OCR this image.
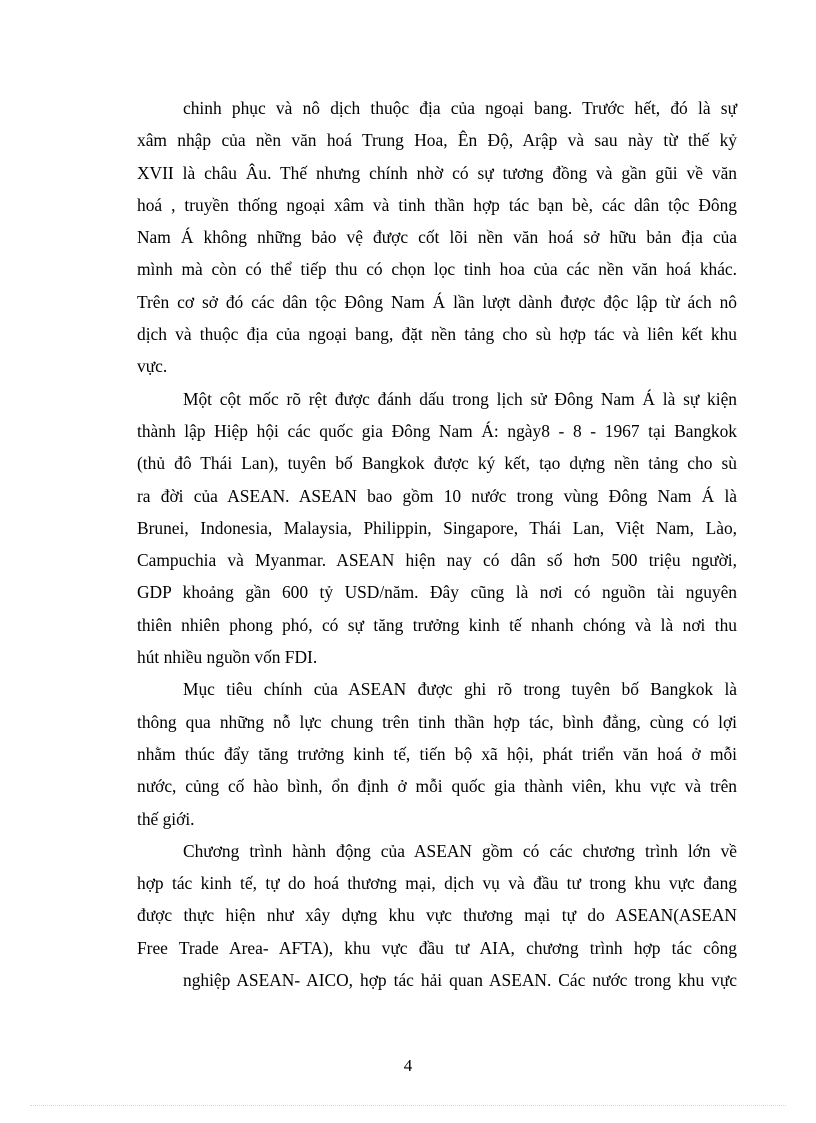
chinh phục và nô dịch thuộc địa của ngoại bang. Trước hết, đó là sự
xâm nhập của nền văn hoá Trung Hoa, Ên Độ, Arập và sau này từ thế kỷ
XVII là châu Âu. Thế nhưng chính nhờ có sự tương đồng và gần gũi về văn
hoá , truyền thống ngoại xâm và tinh thần hợp tác bạn bè, các dân tộc Đông
Nam Á không những bảo vệ được cốt lõi nền văn hoá sở hữu bản địa của
mình mà còn có thể tiếp thu có chọn lọc tinh hoa của các nền văn hoá khác.
Trên cơ sở đó các dân tộc Đông Nam Á lần lượt dành được độc lập từ ách nô
dịch và thuộc địa của ngoại bang, đặt nền tảng cho sù hợp tác và liên kết khu
vực.
Một cột mốc rõ rệt được đánh dấu trong lịch sử Đông Nam Á là sự kiện
thành lập Hiệp hội các quốc gia Đông Nam Á: ngày8 - 8 - 1967 tại Bangkok
(thủ đô Thái Lan), tuyên bố Bangkok được ký kết, tạo dựng nền tảng cho sù
ra đời của ASEAN. ASEAN bao gồm 10 nước trong vùng Đông Nam Á là
Brunei, Indonesia, Malaysia, Philippin, Singapore, Thái Lan, Việt Nam, Lào,
Campuchia và Myanmar. ASEAN hiện nay có dân số hơn 500 triệu người,
GDP khoảng gần 600 tỷ USD/năm. Đây cũng là nơi có nguồn tài nguyên
thiên nhiên phong phó, có sự tăng trưởng kinh tế nhanh chóng và là nơi thu
hút nhiều nguồn vốn FDI.
Mục tiêu chính của ASEAN được ghi rõ trong tuyên bố Bangkok là
thông qua những nỗ lực chung trên tinh thần hợp tác, bình đẳng, cùng có lợi
nhằm thúc đẩy tăng trưởng kinh tế, tiến bộ xã hội, phát triển văn hoá ở mỗi
nước, củng cố hào bình, ổn định ở mỗi quốc gia thành viên, khu vực và trên
thế giới.
Chương trình hành động của ASEAN gồm có các chương trình lớn về
hợp tác kinh tế, tự do hoá thương mại, dịch vụ và đầu tư trong khu vực đang
được thực hiện như xây dựng khu vực thương mại tự do ASEAN(ASEAN
Free Trade Area- AFTA), khu vực đầu tư AIA, chương trình hợp tác công
nghiệp ASEAN- AICO, hợp tác hải quan ASEAN. Các nước trong khu vực
4
